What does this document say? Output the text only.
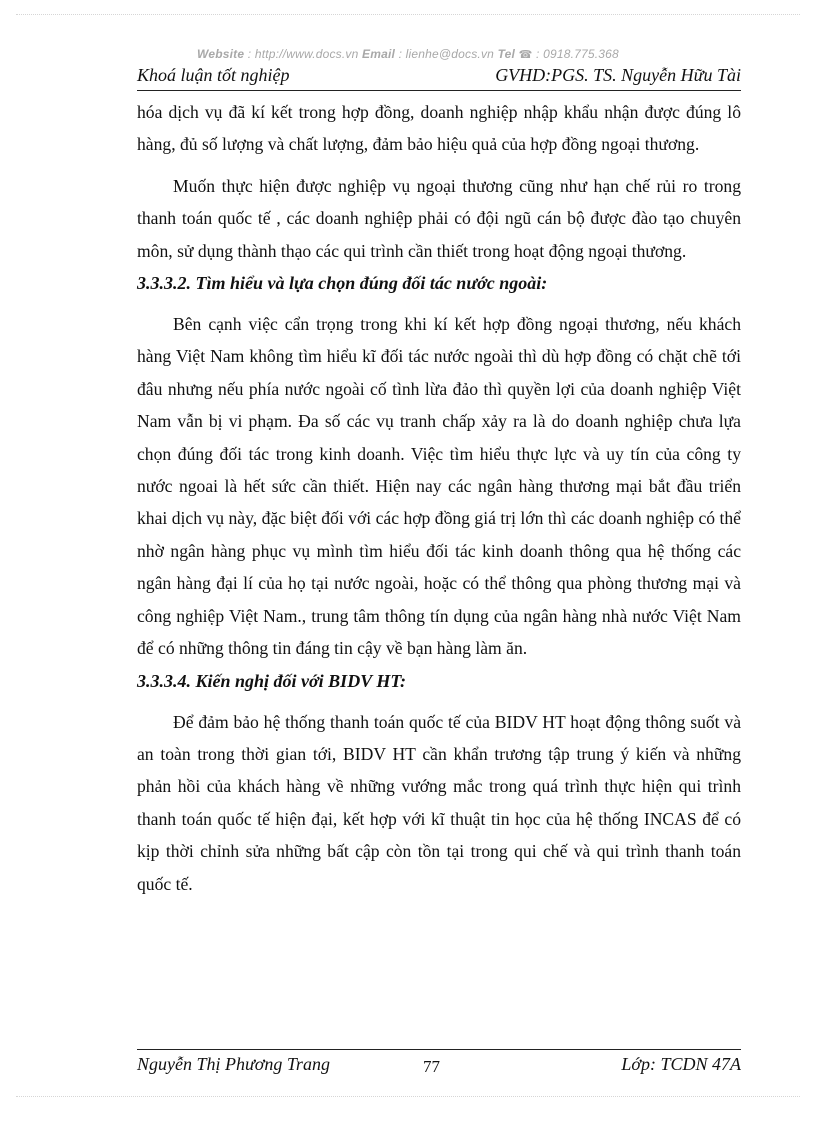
Website : http://www.docs.vn Email : lienhe@docs.vn Tel ☎ : 0918.775.368
Khoá luận tốt nghiệp	GVHD:PGS. TS. Nguyễn Hữu Tài

hóa dịch vụ đã kí kết trong hợp đồng, doanh nghiệp nhập khẩu nhận được đúng lô hàng, đủ số lượng và chất lượng, đảm bảo hiệu quả của hợp đồng ngoại thương.

Muốn thực hiện được nghiệp vụ ngoại thương cũng như hạn chế rủi ro trong thanh toán quốc tế , các doanh nghiệp phải có đội ngũ cán bộ được đào tạo chuyên môn, sử dụng thành thạo các qui trình cần thiết trong hoạt động ngoại thương.

3.3.3.2. Tìm hiểu và lựa chọn đúng đối tác nước ngoài:

Bên cạnh việc cẩn trọng trong khi kí kết hợp đồng ngoại thương, nếu khách hàng Việt Nam không tìm hiểu kĩ đối tác nước ngoài thì dù hợp đồng có chặt chẽ tới đâu nhưng nếu phía nước ngoài cố tình lừa đảo thì quyền lợi của doanh nghiệp Việt Nam vẫn bị vi phạm. Đa số các vụ tranh chấp xảy ra là do doanh nghiệp chưa lựa chọn đúng đối tác trong kinh doanh. Việc tìm hiểu thực lực và uy tín của công ty nước ngoai là hết sức cần thiết. Hiện nay các ngân hàng thương mại bắt đầu triển khai dịch vụ này, đặc biệt đối với các hợp đồng giá trị lớn thì các doanh nghiệp có thể nhờ ngân hàng phục vụ mình tìm hiểu đối tác kinh doanh thông qua hệ thống các ngân hàng đại lí của họ tại nước ngoài, hoặc có thể thông qua phòng thương mại và công nghiệp Việt Nam., trung tâm thông tín dụng của ngân hàng nhà nước Việt Nam để có những thông tin đáng tin cậy về bạn hàng làm ăn.

3.3.3.4. Kiến nghị đối với BIDV HT:

Để đảm bảo hệ thống thanh toán quốc tế của BIDV HT hoạt động thông suốt và an toàn trong thời gian tới, BIDV HT cần khẩn trương tập trung ý kiến và những phản hồi của khách hàng về những vướng mắc trong quá trình thực hiện qui trình thanh toán quốc tế hiện đại, kết hợp với kĩ thuật tin học của hệ thống INCAS để có kịp thời chỉnh sửa những bất cập còn tồn tại trong qui chế và qui trình thanh toán quốc tế.

Nguyễn Thị Phương Trang	77	Lớp: TCDN 47A
